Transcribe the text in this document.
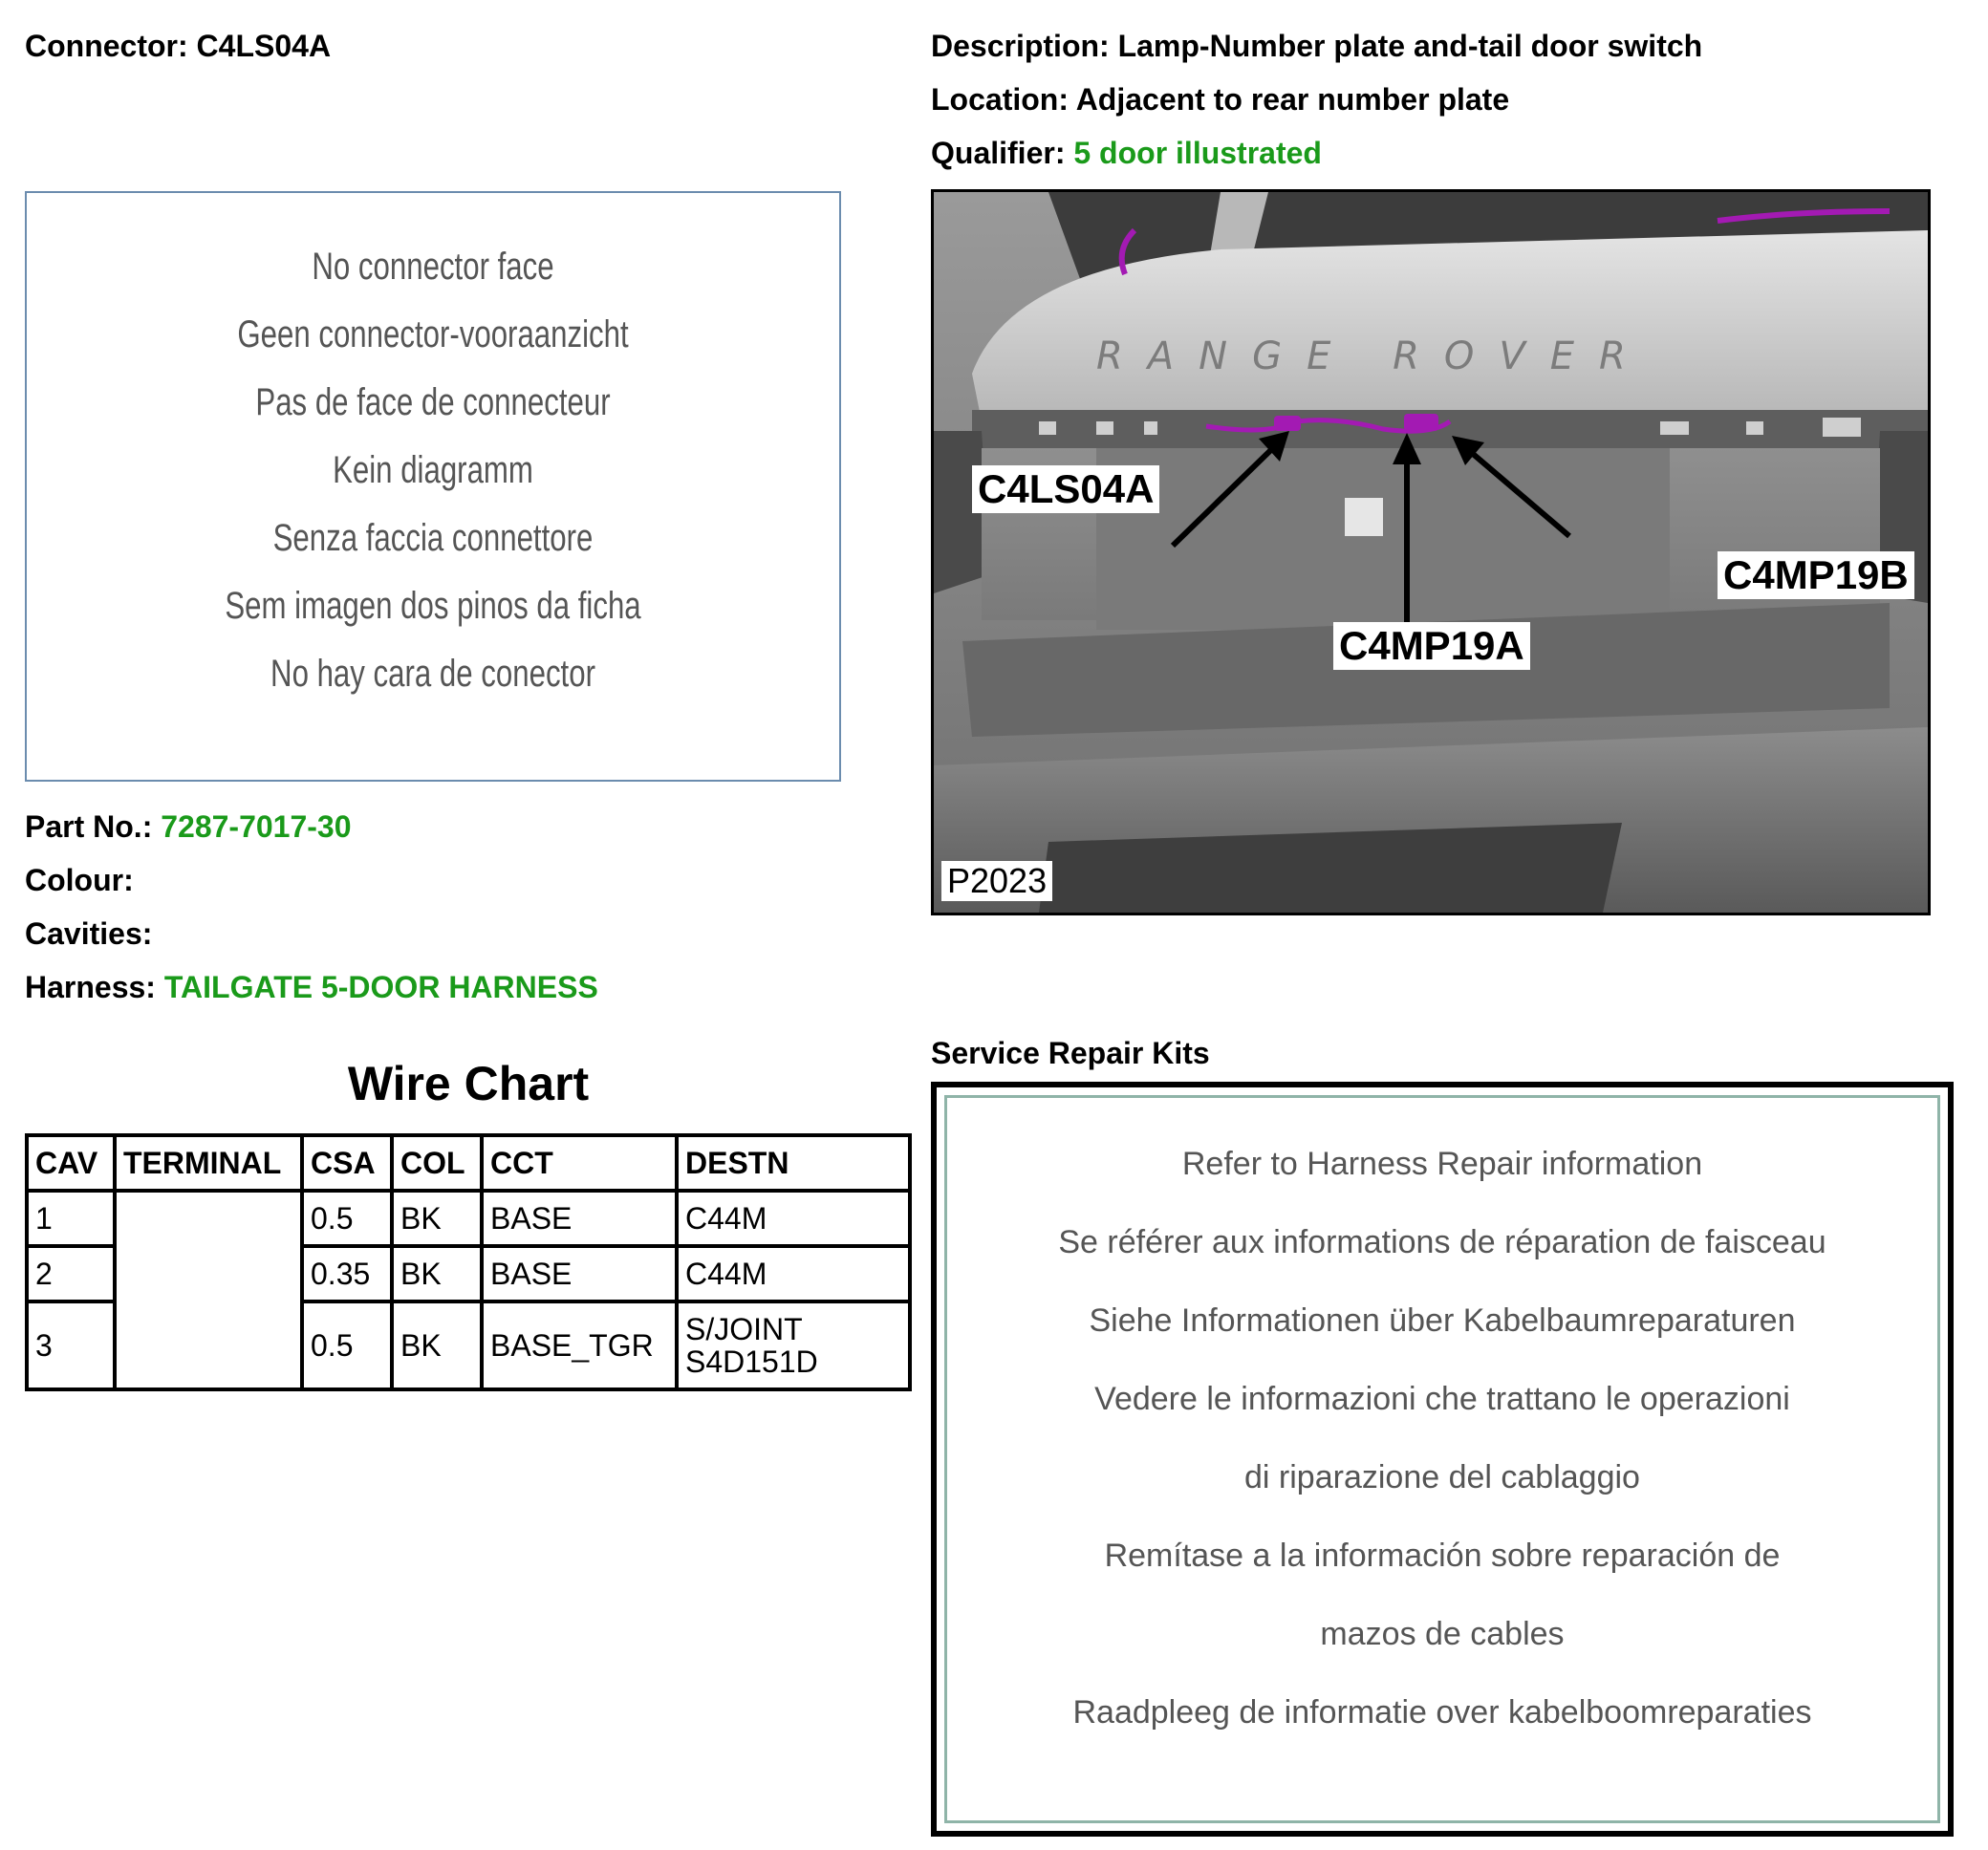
Connector: C4LS04A	Description: Lamp-Number plate and-tail door switch
Location: Adjacent to rear number plate
Qualifier: 5 door illustrated
No connector face
Geen connector-vooraanzicht
Pas de face de connecteur
Kein diagramm
Senza faccia connettore
Sem imagen dos pinos da ficha
No hay cara de conector
Part No.: 7287-7017-30
Colour:
Cavities:
Harness: TAILGATE 5-DOOR HARNESS
Wire Chart
CAV	TERMINAL	CSA	COL	CCT	DESTN
1		0.5	BK	BASE	C44M
2		0.35	BK	BASE	C44M
3		0.5	BK	BASE_TGR	S/JOINT
S4D151D
RANGE ROVER
C4LS04A
C4MP19A
C4MP19B
P2023
Service Repair Kits
Refer to Harness Repair information
Se référer aux informations de réparation de faisceau
Siehe Informationen über Kabelbaumreparaturen
Vedere le informazioni che trattano le operazioni
di riparazione del cablaggio
Remítase a la información sobre reparación de
mazos de cables
Raadpleeg de informatie over kabelboomreparaties
